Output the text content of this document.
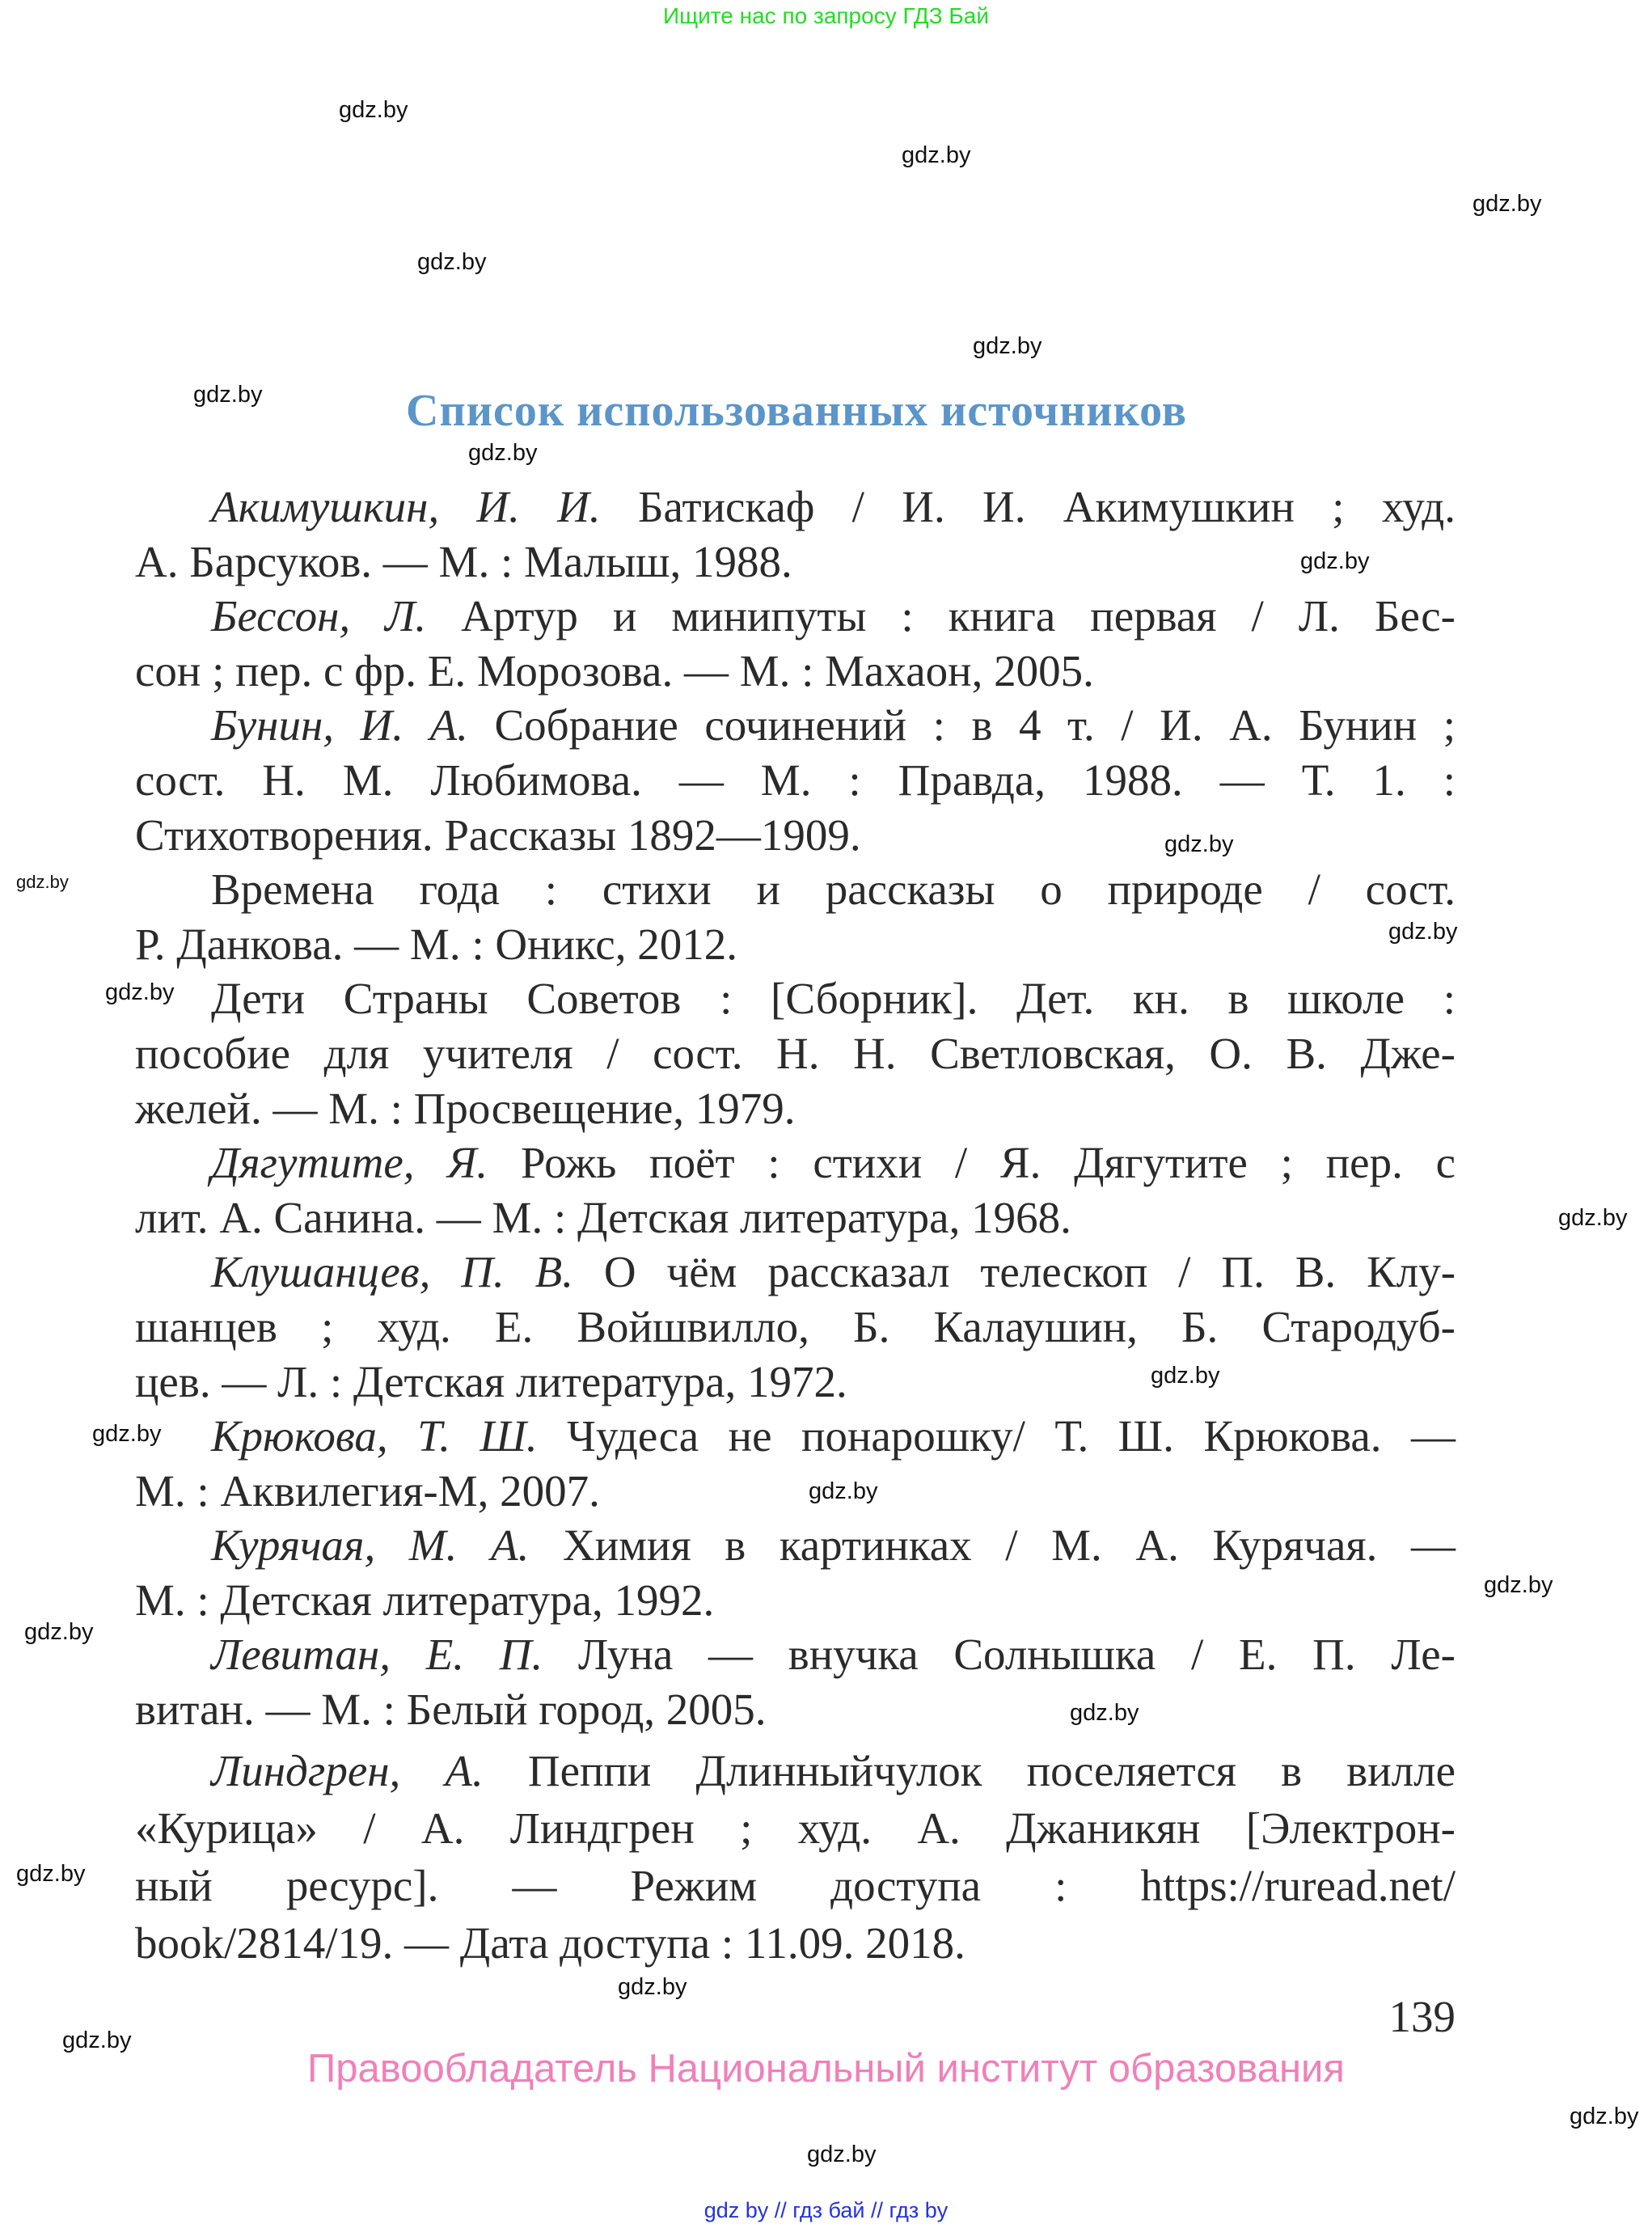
Ищите нас по запросу ГДЗ Бай
gdz.by
gdz.by
gdz.by
gdz.by
gdz.by
gdz.by
gdz.by
gdz.by
gdz.by
gdz.by
gdz.by
gdz.by
gdz.by
gdz.by
gdz.by
gdz.by
gdz.by
gdz.by
gdz.by
gdz.by
gdz.by
gdz.by
gdz.by
gdz.by
Список использованных источников
Акимушкин, И. И. Батискаф / И. И. Акимушкин ; худ.
А. Барсуков. — М. : Малыш, 1988.
Бессон, Л. Артур и минипуты : книга первая / Л. Бес-
сон ; пер. с фр. Е. Морозова. — М. : Махаон, 2005.
Бунин, И. А. Собрание сочинений : в 4 т. / И. А. Бунин ;
сост. Н. М. Любимова. — М. : Правда, 1988. — Т. 1. :
Стихотворения. Рассказы 1892—1909.
Времена года : стихи и рассказы о природе / сост.
Р. Данкова. — М. : Оникс, 2012.
Дети Страны Советов : [Сборник]. Дет. кн. в школе :
пособие для учителя / сост. Н. Н. Светловская, О. В. Дже-
желей. — М. : Просвещение, 1979.
Дягутите, Я. Рожь поёт : стихи / Я. Дягутите ; пер. с
лит. А. Санина. — М. : Детская литература, 1968.
Клушанцев, П. В. О чём рассказал телескоп / П. В. Клу-
шанцев ; худ. Е. Войшвилло, Б. Калаушин, Б. Стародуб-
цев. — Л. : Детская литература, 1972.
Крюкова, Т. Ш. Чудеса не понарошку/ Т. Ш. Крюкова. —
М. : Аквилегия-М, 2007.
Курячая, М. А. Химия в картинках / М. А. Курячая. —
М. : Детская литература, 1992.
Левитан, Е. П. Луна — внучка Солнышка / Е. П. Ле-
витан. — М. : Белый город, 2005.
Линдгрен, А. Пеппи Длинныйчулок поселяется в вилле
«Курица» / А. Линдгрен ; худ. А. Джаникян [Электрон-
ный ресурс]. — Режим доступа : https://ruread.net/
book/2814/19. — Дата доступа : 11.09. 2018.
139
Правообладатель Национальный институт образования
gdz by // гдз бай // гдз by
